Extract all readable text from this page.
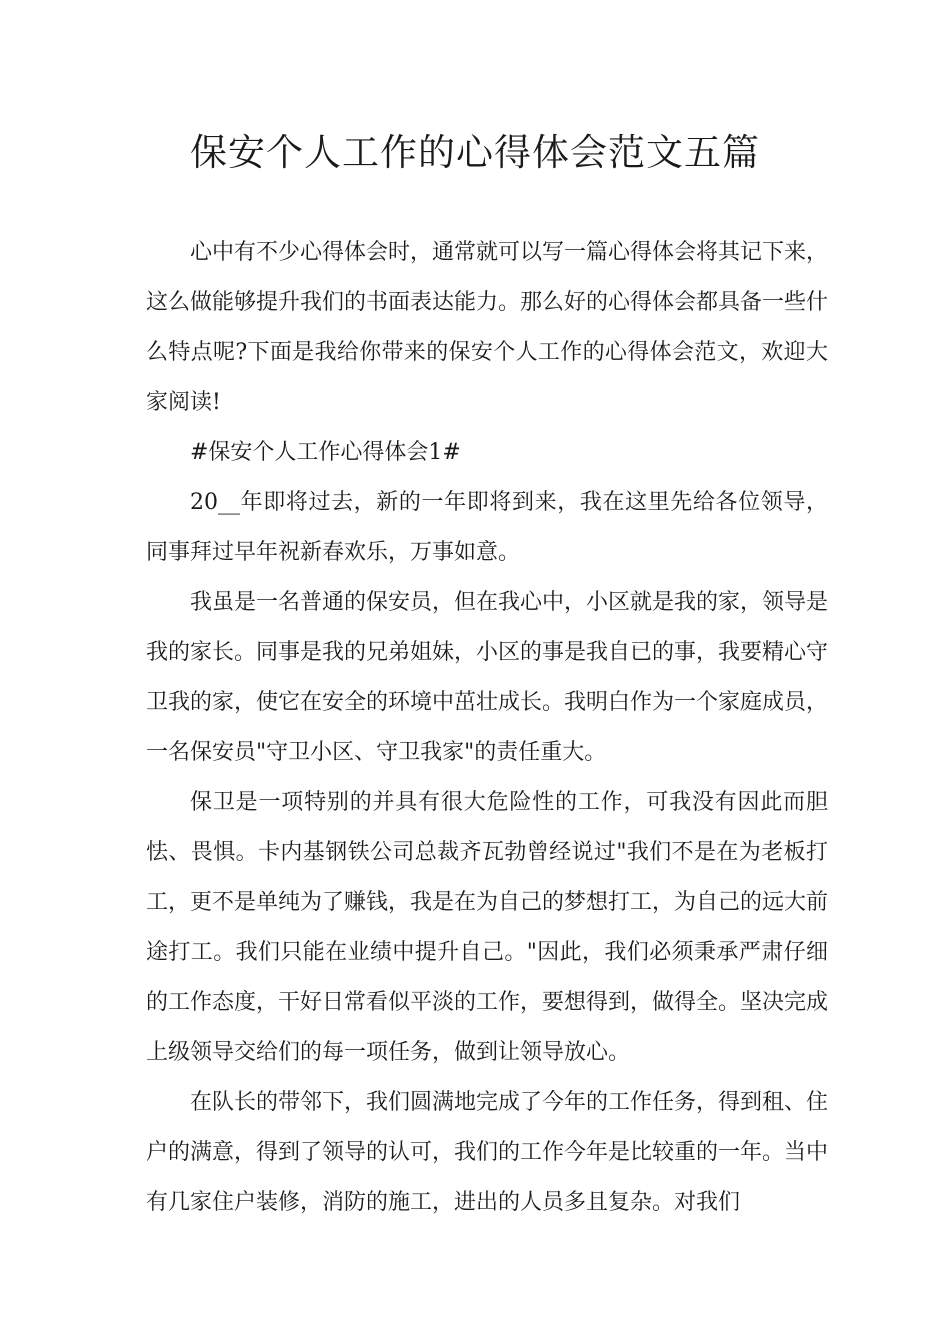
保安个人工作的心得体会范文五篇

心中有不少心得体会时，通常就可以写一篇心得体会将其记下来，这么做能够提升我们的书面表达能力。那么好的心得体会都具备一些什么特点呢?下面是我给你带来的保安个人工作的心得体会范文，欢迎大家阅读!

#保安个人工作心得体会1#

20__年即将过去，新的一年即将到来，我在这里先给各位领导，同事拜过早年祝新春欢乐，万事如意。

我虽是一名普通的保安员，但在我心中，小区就是我的家，领导是我的家长。同事是我的兄弟姐妹，小区的事是我自已的事，我要精心守卫我的家，使它在安全的环境中茁壮成长。我明白作为一个家庭成员，一名保安员"守卫小区、守卫我家"的责任重大。

保卫是一项特别的并具有很大危险性的工作，可我没有因此而胆怯、畏惧。卡内基钢铁公司总裁齐瓦勃曾经说过"我们不是在为老板打工，更不是单纯为了赚钱，我是在为自己的梦想打工，为自己的远大前途打工。我们只能在业绩中提升自己。"因此，我们必须秉承严肃仔细的工作态度，干好日常看似平淡的工作，要想得到，做得全。坚决完成上级领导交给们的每一项任务，做到让领导放心。

在队长的带邻下，我们圆满地完成了今年的工作任务，得到租、住户的满意，得到了领导的认可，我们的工作今年是比较重的一年。当中有几家住户装修，消防的施工，进出的人员多且复杂。对我们
